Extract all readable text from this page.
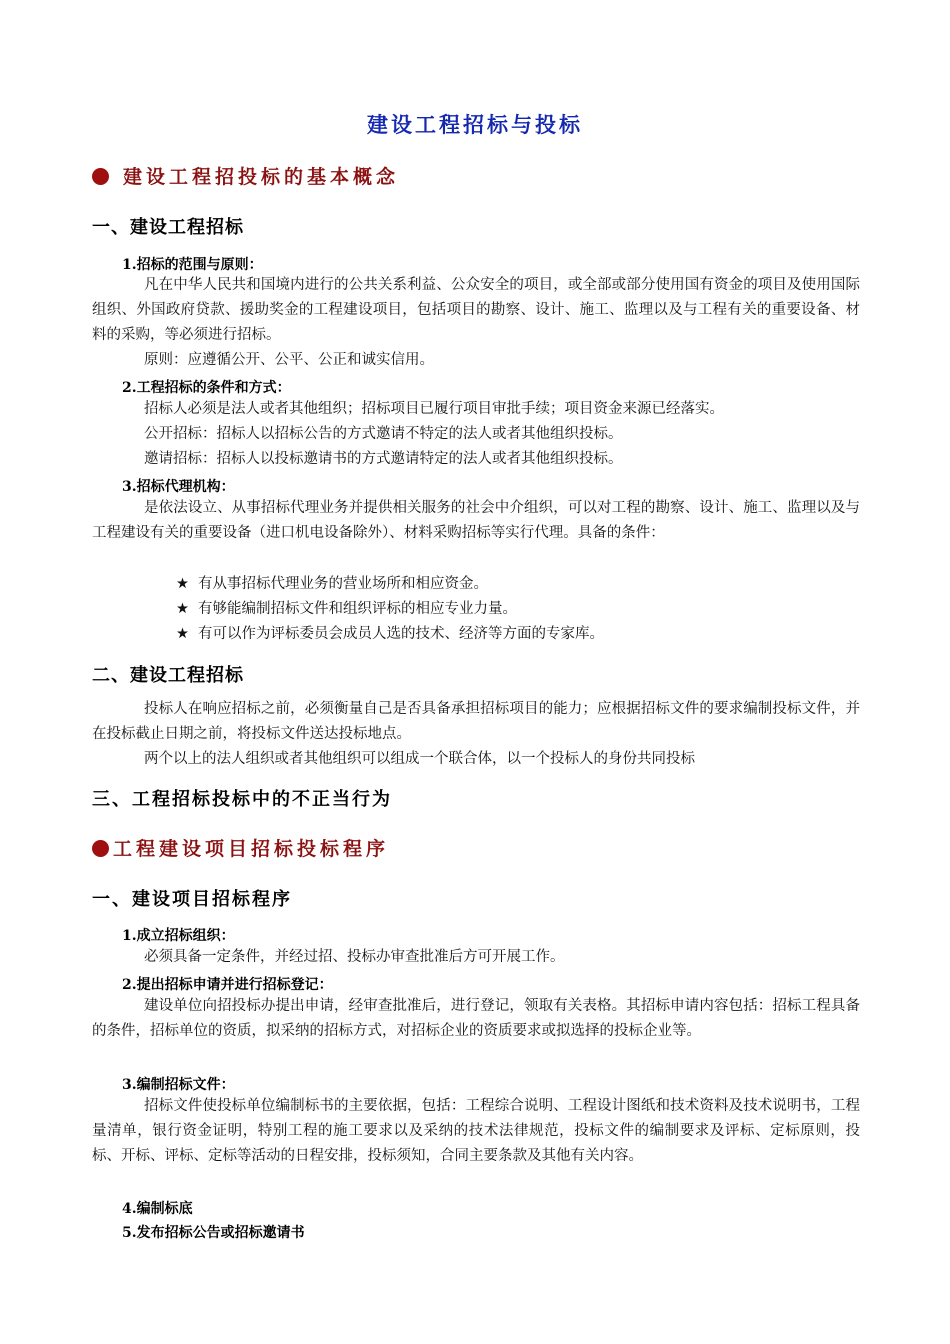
建设工程招标与投标
建设工程招投标的基本概念
一、建设工程招标
1.招标的范围与原则：
凡在中华人民共和国境内进行的公共关系利益、公众安全的项目，或全部或部分使用国有资金的项目及使用国际组织、外国政府贷款、援助奖金的工程建设项目，包括项目的勘察、设计、施工、监理以及与工程有关的重要设备、材料的采购，等必须进行招标。
原则：应遵循公开、公平、公正和诚实信用。
2.工程招标的条件和方式：
招标人必须是法人或者其他组织；招标项目已履行项目审批手续；项目资金来源已经落实。
公开招标：招标人以招标公告的方式邀请不特定的法人或者其他组织投标。
邀请招标：招标人以投标邀请书的方式邀请特定的法人或者其他组织投标。
3.招标代理机构：
是依法设立、从事招标代理业务并提供相关服务的社会中介组织，可以对工程的勘察、设计、施工、监理以及与工程建设有关的重要设备（进口机电设备除外）、材料采购招标等实行代理。具备的条件：
★ 有从事招标代理业务的营业场所和相应资金。
★ 有够能编制招标文件和组织评标的相应专业力量。
★ 有可以作为评标委员会成员人选的技术、经济等方面的专家库。
二、建设工程招标
投标人在响应招标之前，必须衡量自己是否具备承担招标项目的能力；应根据招标文件的要求编制投标文件，并在投标截止日期之前，将投标文件送达投标地点。
两个以上的法人组织或者其他组织可以组成一个联合体，以一个投标人的身份共同投标
三、工程招标投标中的不正当行为
工程建设项目招标投标程序
一、建设项目招标程序
1.成立招标组织：
必须具备一定条件，并经过招、投标办审查批准后方可开展工作。
2.提出招标申请并进行招标登记：
建设单位向招投标办提出申请，经审查批准后，进行登记，领取有关表格。其招标申请内容包括：招标工程具备的条件，招标单位的资质，拟采纳的招标方式，对招标企业的资质要求或拟选择的投标企业等。
3.编制招标文件：
招标文件使投标单位编制标书的主要依据，包括：工程综合说明、工程设计图纸和技术资料及技术说明书，工程量清单，银行资金证明，特别工程的施工要求以及采纳的技术法律规范，投标文件的编制要求及评标、定标原则，投标、开标、评标、定标等活动的日程安排，投标须知，合同主要条款及其他有关内容。
4.编制标底
5.发布招标公告或招标邀请书
